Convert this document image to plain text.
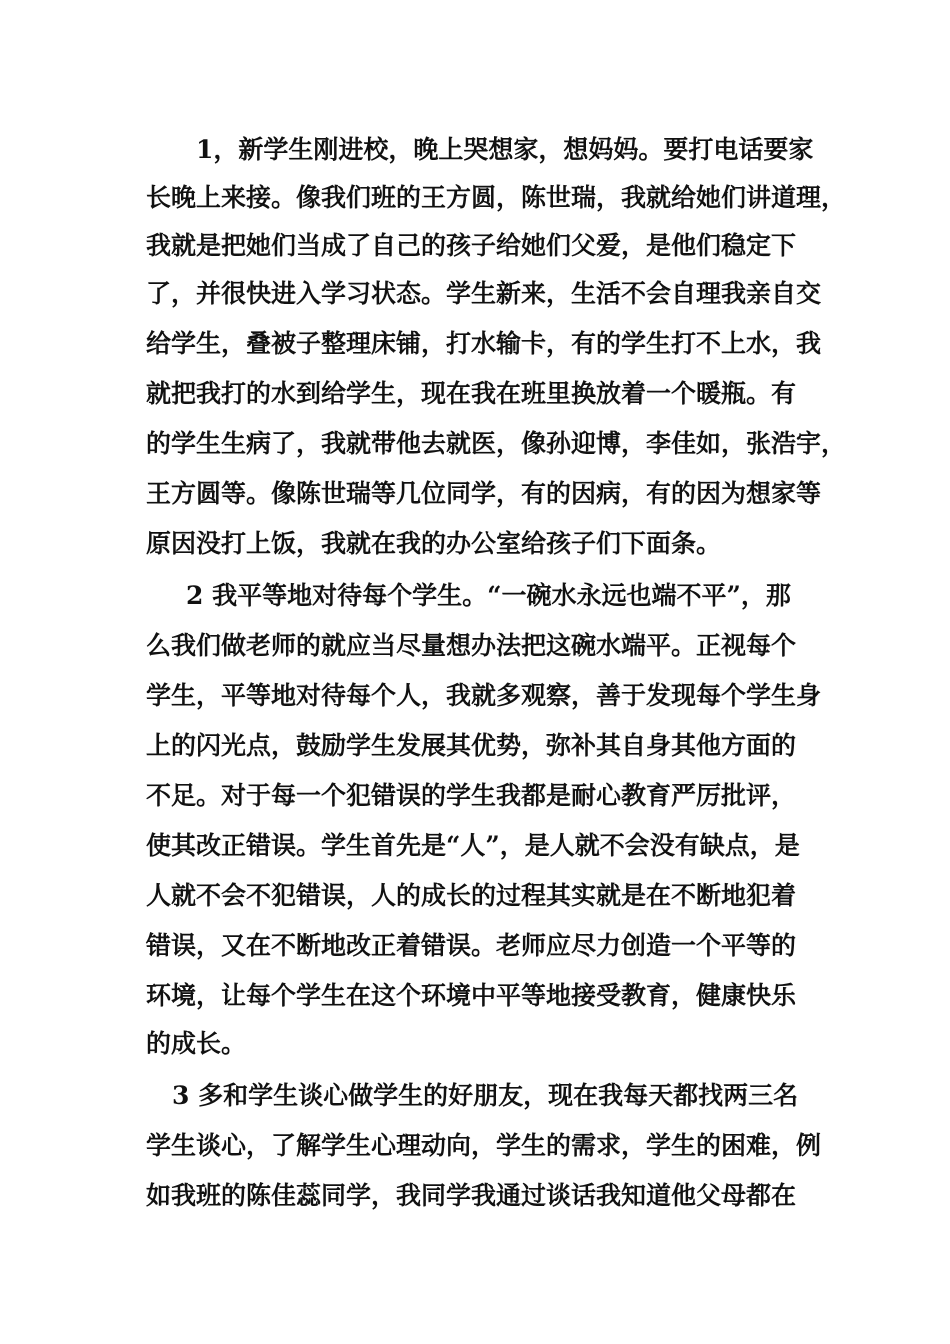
1，新学生刚进校，晚上哭想家，想妈妈。要打电话要家
长晚上来接。像我们班的王方圆，陈世瑞，我就给她们讲道理，
我就是把她们当成了自己的孩子给她们父爱，是他们稳定下
了，并很快进入学习状态。学生新来，生活不会自理我亲自交
给学生，叠被子整理床铺，打水输卡，有的学生打不上水，我
就把我打的水到给学生，现在我在班里换放着一个暖瓶。有
的学生生病了，我就带他去就医，像孙迎博，李佳如，张浩宇，
王方圆等。像陈世瑞等几位同学，有的因病，有的因为想家等
原因没打上饭，我就在我的办公室给孩子们下面条。
2 我平等地对待每个学生。“一碗水永远也端不平”，那
么我们做老师的就应当尽量想办法把这碗水端平。正视每个
学生，平等地对待每个人，我就多观察，善于发现每个学生身
上的闪光点，鼓励学生发展其优势，弥补其自身其他方面的
不足。对于每一个犯错误的学生我都是耐心教育严厉批评，
使其改正错误。学生首先是“人”，是人就不会没有缺点，是
人就不会不犯错误，人的成长的过程其实就是在不断地犯着
错误，又在不断地改正着错误。老师应尽力创造一个平等的
环境，让每个学生在这个环境中平等地接受教育，健康快乐
的成长。
3 多和学生谈心做学生的好朋友，现在我每天都找两三名
学生谈心，了解学生心理动向，学生的需求，学生的困难，例
如我班的陈佳蕊同学，我同学我通过谈话我知道他父母都在
